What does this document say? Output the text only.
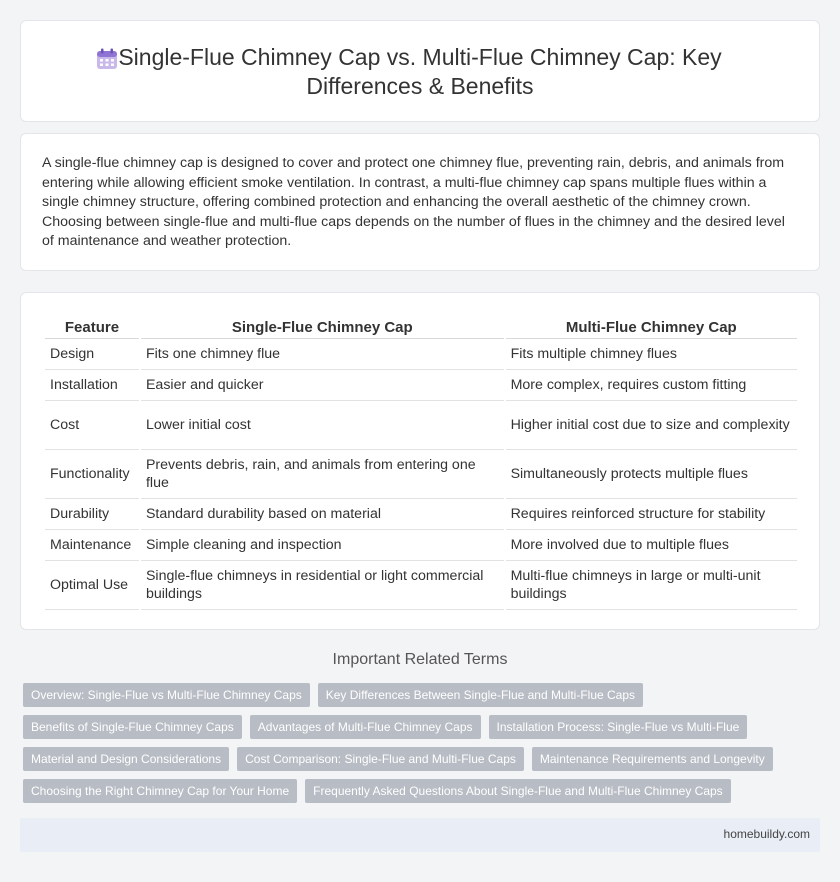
Single-Flue Chimney Cap vs. Multi-Flue Chimney Cap: Key
Differences & Benefits

A single-flue chimney cap is designed to cover and protect one chimney flue, preventing rain, debris, and animals from entering while allowing efficient smoke ventilation. In contrast, a multi-flue chimney cap spans multiple flues within a single chimney structure, offering combined protection and enhancing the overall aesthetic of the chimney crown. Choosing between single-flue and multi-flue caps depends on the number of flues in the chimney and the desired level of maintenance and weather protection.

Feature	Single-Flue Chimney Cap	Multi-Flue Chimney Cap
Design	Fits one chimney flue	Fits multiple chimney flues
Installation	Easier and quicker	More complex, requires custom fitting
Cost	Lower initial cost	Higher initial cost due to size and complexity
Functionality	Prevents debris, rain, and animals from entering one flue	Simultaneously protects multiple flues
Durability	Standard durability based on material	Requires reinforced structure for stability
Maintenance	Simple cleaning and inspection	More involved due to multiple flues
Optimal Use	Single-flue chimneys in residential or light commercial buildings	Multi-flue chimneys in large or multi-unit buildings
Important Related Terms
Overview: Single-Flue vs Multi-Flue Chimney Caps	Key Differences Between Single-Flue and Multi-Flue Caps
Benefits of Single-Flue Chimney Caps	Advantages of Multi-Flue Chimney Caps	Installation Process: Single-Flue vs Multi-Flue
Material and Design Considerations	Cost Comparison: Single-Flue and Multi-Flue Caps	Maintenance Requirements and Longevity
Choosing the Right Chimney Cap for Your Home	Frequently Asked Questions About Single-Flue and Multi-Flue Chimney Caps
homebuildy.com
